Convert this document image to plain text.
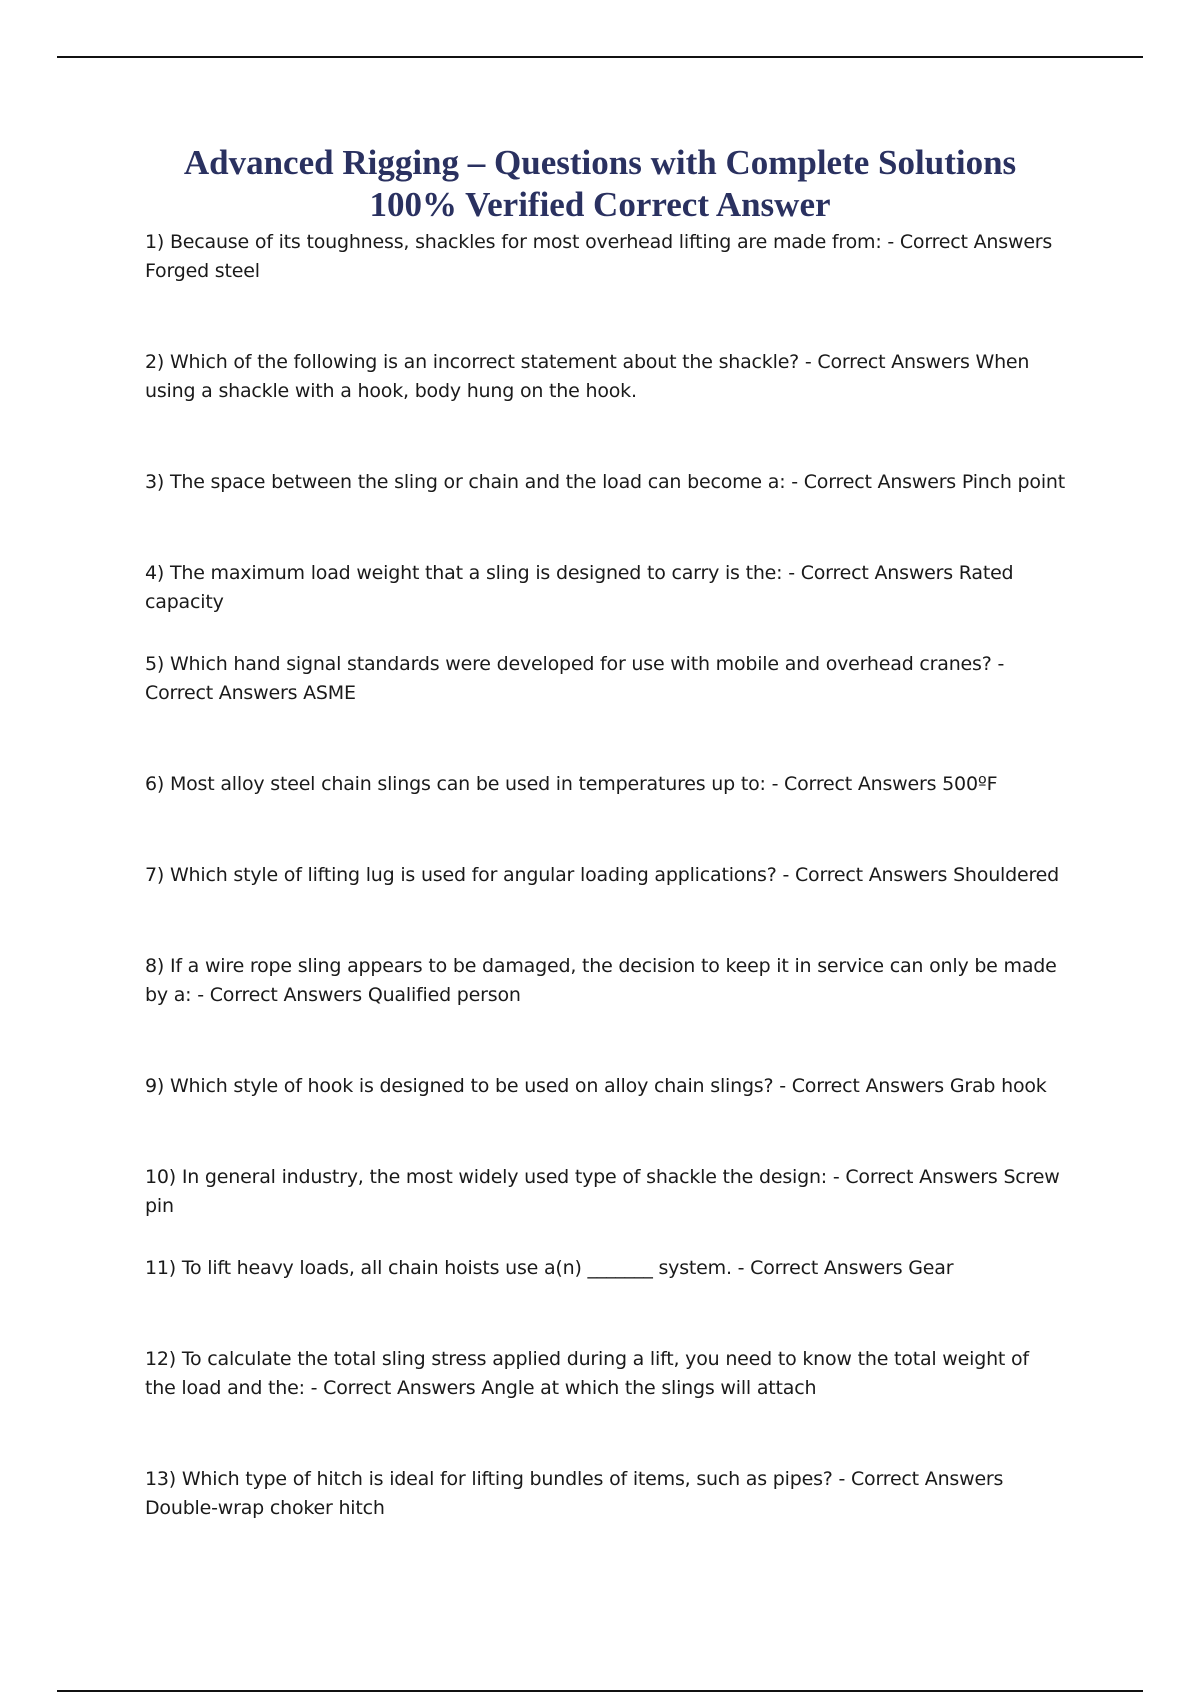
Advanced Rigging – Questions with Complete Solutions
100% Verified Correct Answer
1) Because of its toughness, shackles for most overhead lifting are made from: - Correct Answers Forged steel
2) Which of the following is an incorrect statement about the shackle? - Correct Answers When using a shackle with a hook, body hung on the hook.
3) The space between the sling or chain and the load can become a: - Correct Answers Pinch point
4) The maximum load weight that a sling is designed to carry is the: - Correct Answers Rated capacity
5) Which hand signal standards were developed for use with mobile and overhead cranes? - Correct Answers ASME
6) Most alloy steel chain slings can be used in temperatures up to: - Correct Answers 500ºF
7) Which style of lifting lug is used for angular loading applications? - Correct Answers Shouldered
8) If a wire rope sling appears to be damaged, the decision to keep it in service can only be made by a: - Correct Answers Qualified person
9) Which style of hook is designed to be used on alloy chain slings? - Correct Answers Grab hook
10) In general industry, the most widely used type of shackle the design: - Correct Answers Screw pin
11) To lift heavy loads, all chain hoists use a(n) _______ system. - Correct Answers Gear
12) To calculate the total sling stress applied during a lift, you need to know the total weight of the load and the: - Correct Answers Angle at which the slings will attach
13) Which type of hitch is ideal for lifting bundles of items, such as pipes? - Correct Answers Double-wrap choker hitch
